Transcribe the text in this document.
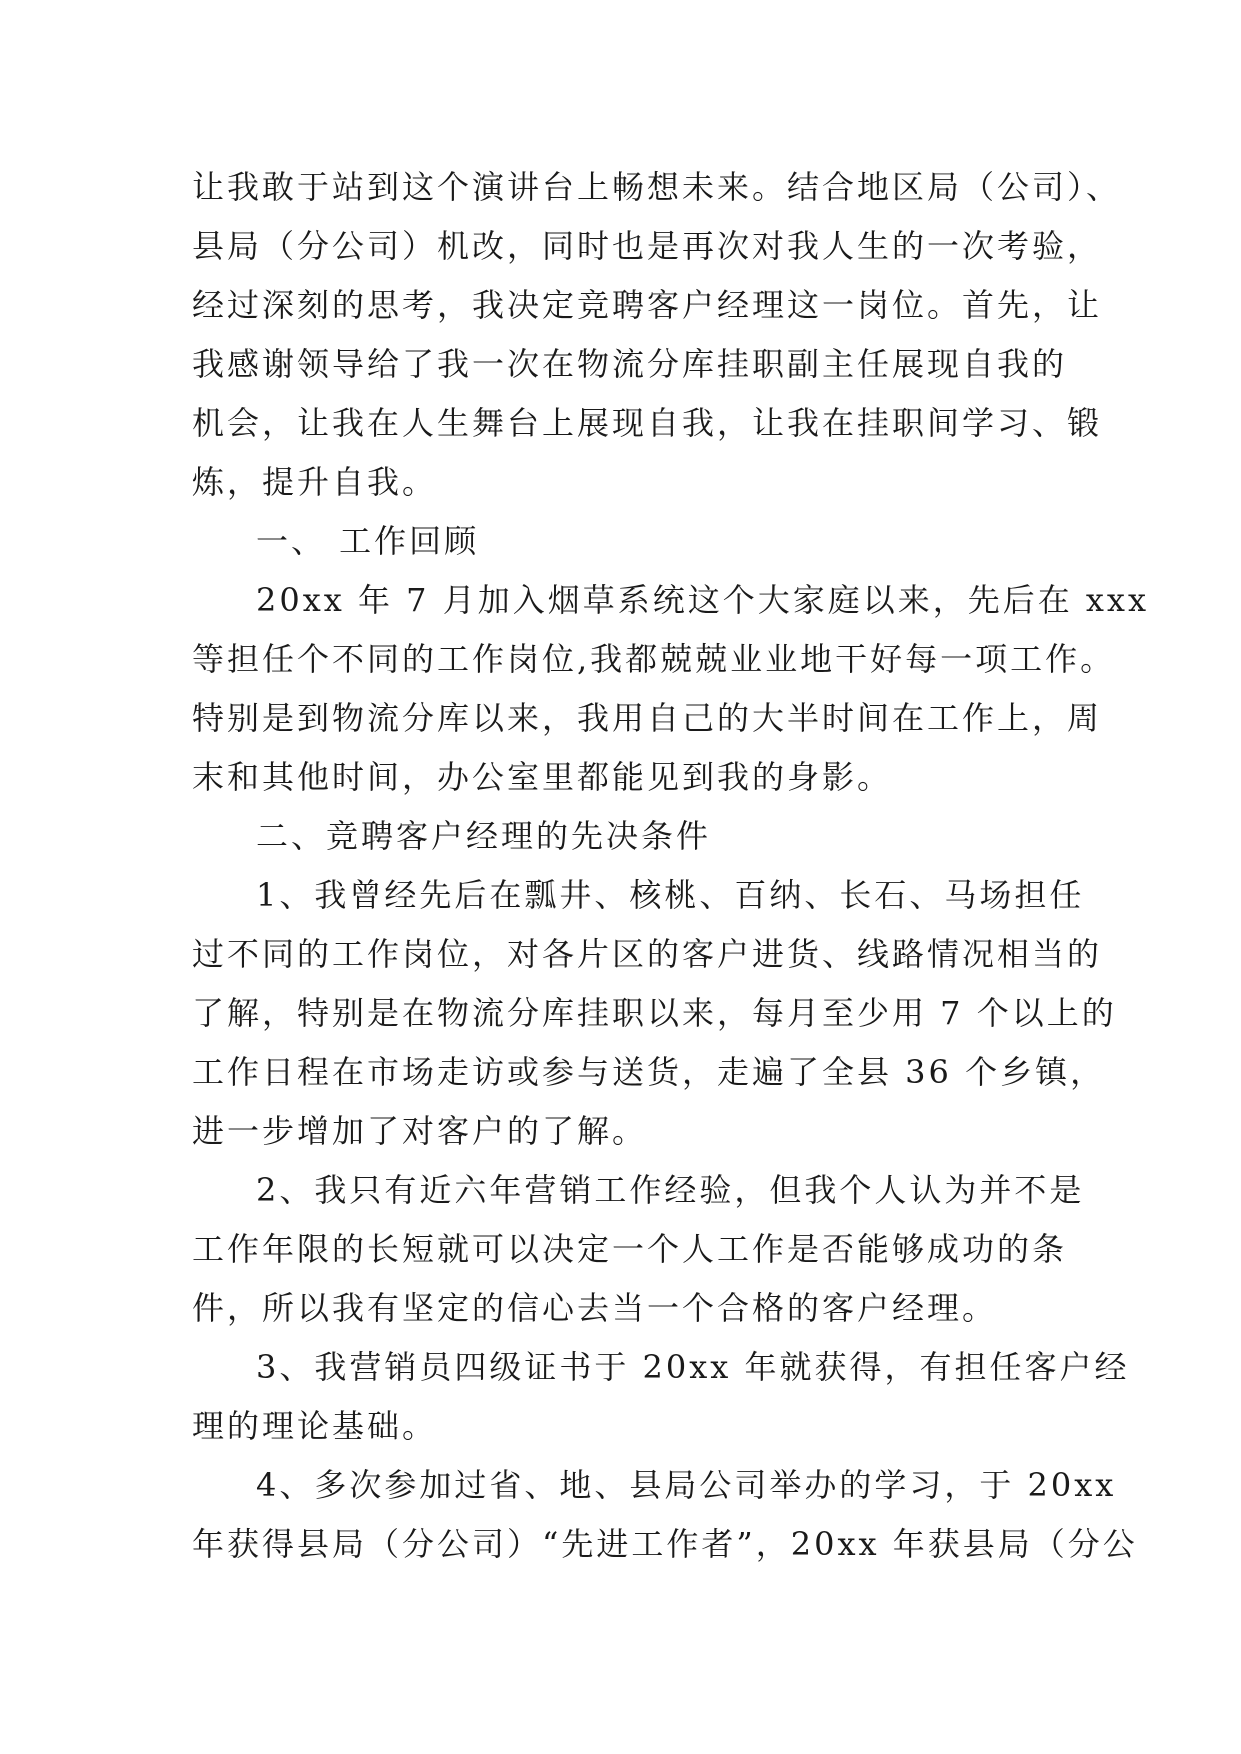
让我敢于站到这个演讲台上畅想未来。结合地区局（公司）、
县局（分公司）机改，同时也是再次对我人生的一次考验，
经过深刻的思考，我决定竞聘客户经理这一岗位。首先，让
我感谢领导给了我一次在物流分库挂职副主任展现自我的
机会，让我在人生舞台上展现自我，让我在挂职间学习、锻
炼，提升自我。
一、 工作回顾
20xx 年 7 月加入烟草系统这个大家庭以来，先后在 xxx
等担任个不同的工作岗位,我都兢兢业业地干好每一项工作。
特别是到物流分库以来，我用自己的大半时间在工作上，周
末和其他时间，办公室里都能见到我的身影。
二、竞聘客户经理的先决条件
1、我曾经先后在瓢井、核桃、百纳、长石、马场担任
过不同的工作岗位，对各片区的客户进货、线路情况相当的
了解，特别是在物流分库挂职以来，每月至少用 7 个以上的
工作日程在市场走访或参与送货，走遍了全县 36 个乡镇，
进一步增加了对客户的了解。
2、我只有近六年营销工作经验，但我个人认为并不是
工作年限的长短就可以决定一个人工作是否能够成功的条
件，所以我有坚定的信心去当一个合格的客户经理。
3、我营销员四级证书于 20xx 年就获得，有担任客户经
理的理论基础。
4、多次参加过省、地、县局公司举办的学习，于 20xx
年获得县局（分公司）“先进工作者”，20xx 年获县局（分公
